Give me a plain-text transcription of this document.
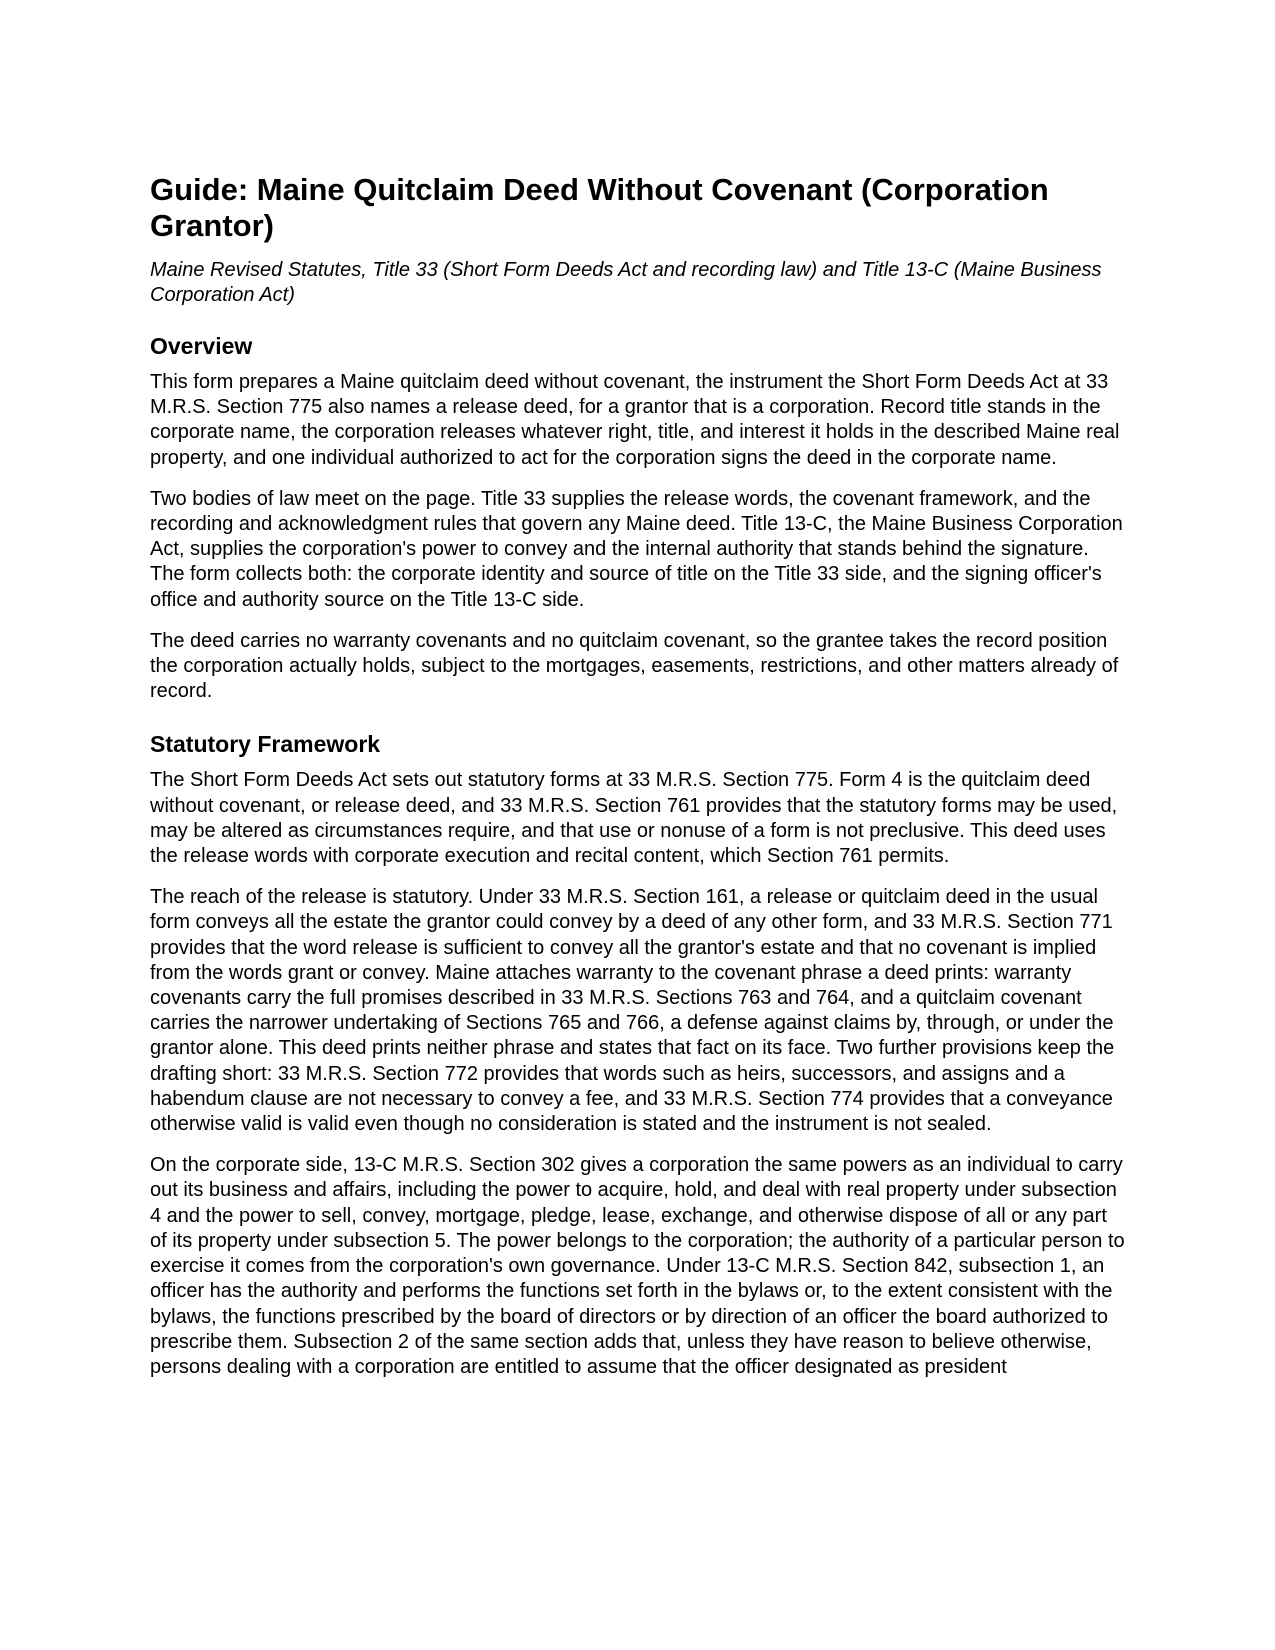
Guide: Maine Quitclaim Deed Without Covenant (Corporation Grantor)

Maine Revised Statutes, Title 33 (Short Form Deeds Act and recording law) and Title 13-C (Maine Business Corporation Act)

Overview

This form prepares a Maine quitclaim deed without covenant, the instrument the Short Form Deeds Act at 33 M.R.S. Section 775 also names a release deed, for a grantor that is a corporation. Record title stands in the corporate name, the corporation releases whatever right, title, and interest it holds in the described Maine real property, and one individual authorized to act for the corporation signs the deed in the corporate name.

Two bodies of law meet on the page. Title 33 supplies the release words, the covenant framework, and the recording and acknowledgment rules that govern any Maine deed. Title 13-C, the Maine Business Corporation Act, supplies the corporation's power to convey and the internal authority that stands behind the signature. The form collects both: the corporate identity and source of title on the Title 33 side, and the signing officer's office and authority source on the Title 13-C side.

The deed carries no warranty covenants and no quitclaim covenant, so the grantee takes the record position the corporation actually holds, subject to the mortgages, easements, restrictions, and other matters already of record.

Statutory Framework

The Short Form Deeds Act sets out statutory forms at 33 M.R.S. Section 775. Form 4 is the quitclaim deed without covenant, or release deed, and 33 M.R.S. Section 761 provides that the statutory forms may be used, may be altered as circumstances require, and that use or nonuse of a form is not preclusive. This deed uses the release words with corporate execution and recital content, which Section 761 permits.

The reach of the release is statutory. Under 33 M.R.S. Section 161, a release or quitclaim deed in the usual form conveys all the estate the grantor could convey by a deed of any other form, and 33 M.R.S. Section 771 provides that the word release is sufficient to convey all the grantor's estate and that no covenant is implied from the words grant or convey. Maine attaches warranty to the covenant phrase a deed prints: warranty covenants carry the full promises described in 33 M.R.S. Sections 763 and 764, and a quitclaim covenant carries the narrower undertaking of Sections 765 and 766, a defense against claims by, through, or under the grantor alone. This deed prints neither phrase and states that fact on its face. Two further provisions keep the drafting short: 33 M.R.S. Section 772 provides that words such as heirs, successors, and assigns and a habendum clause are not necessary to convey a fee, and 33 M.R.S. Section 774 provides that a conveyance otherwise valid is valid even though no consideration is stated and the instrument is not sealed.

On the corporate side, 13-C M.R.S. Section 302 gives a corporation the same powers as an individual to carry out its business and affairs, including the power to acquire, hold, and deal with real property under subsection 4 and the power to sell, convey, mortgage, pledge, lease, exchange, and otherwise dispose of all or any part of its property under subsection 5. The power belongs to the corporation; the authority of a particular person to exercise it comes from the corporation's own governance. Under 13-C M.R.S. Section 842, subsection 1, an officer has the authority and performs the functions set forth in the bylaws or, to the extent consistent with the bylaws, the functions prescribed by the board of directors or by direction of an officer the board authorized to prescribe them. Subsection 2 of the same section adds that, unless they have reason to believe otherwise, persons dealing with a corporation are entitled to assume that the officer designated as president
